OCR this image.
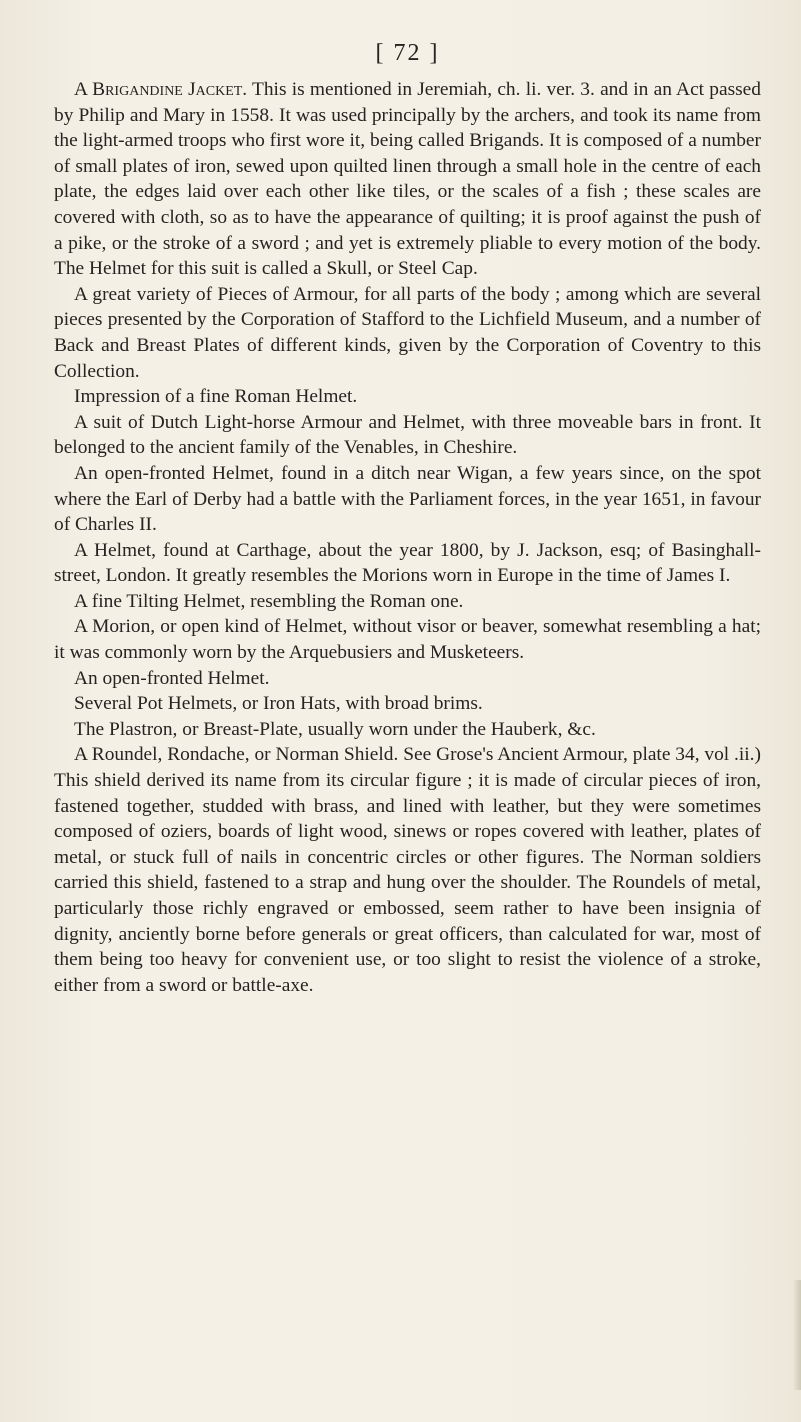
[ 72 ]

A Brigandine Jacket. This is mentioned in Jeremiah, ch. li. ver. 3. and in an Act passed by Philip and Mary in 1558. It was used principally by the archers, and took its name from the light-armed troops who first wore it, being called Brigands. It is composed of a number of small plates of iron, sewed upon quilted linen through a small hole in the centre of each plate, the edges laid over each other like tiles, or the scales of a fish ; these scales are covered with cloth, so as to have the appearance of quilting; it is proof against the push of a pike, or the stroke of a sword ; and yet is extremely pliable to every motion of the body. The Helmet for this suit is called a Skull, or Steel Cap.

A great variety of Pieces of Armour, for all parts of the body ; among which are several pieces presented by the Corporation of Stafford to the Lichfield Museum, and a number of Back and Breast Plates of different kinds, given by the Corporation of Coventry to this Collection.

Impression of a fine Roman Helmet.

A suit of Dutch Light-horse Armour and Helmet, with three moveable bars in front. It belonged to the ancient family of the Venables, in Cheshire.

An open-fronted Helmet, found in a ditch near Wigan, a few years since, on the spot where the Earl of Derby had a battle with the Parliament forces, in the year 1651, in favour of Charles II.

A Helmet, found at Carthage, about the year 1800, by J. Jackson, esq; of Basinghall-street, London. It greatly resembles the Morions worn in Europe in the time of James I.

A fine Tilting Helmet, resembling the Roman one.

A Morion, or open kind of Helmet, without visor or beaver, somewhat resembling a hat; it was commonly worn by the Arquebusiers and Musketeers.

An open-fronted Helmet.

Several Pot Helmets, or Iron Hats, with broad brims.

The Plastron, or Breast-Plate, usually worn under the Hauberk, &c.

A Roundel, Rondache, or Norman Shield. See Grose's Ancient Armour, plate 34, vol .ii.) This shield derived its name from its circular figure ; it is made of circular pieces of iron, fastened together, studded with brass, and lined with leather, but they were sometimes composed of oziers, boards of light wood, sinews or ropes covered with leather, plates of metal, or stuck full of nails in concentric circles or other figures. The Norman soldiers carried this shield, fastened to a strap and hung over the shoulder. The Roundels of metal, particularly those richly engraved or embossed, seem rather to have been insignia of dignity, anciently borne before generals or great officers, than calculated for war, most of them being too heavy for convenient use, or too slight to resist the violence of a stroke, either from a sword or battle-axe.
